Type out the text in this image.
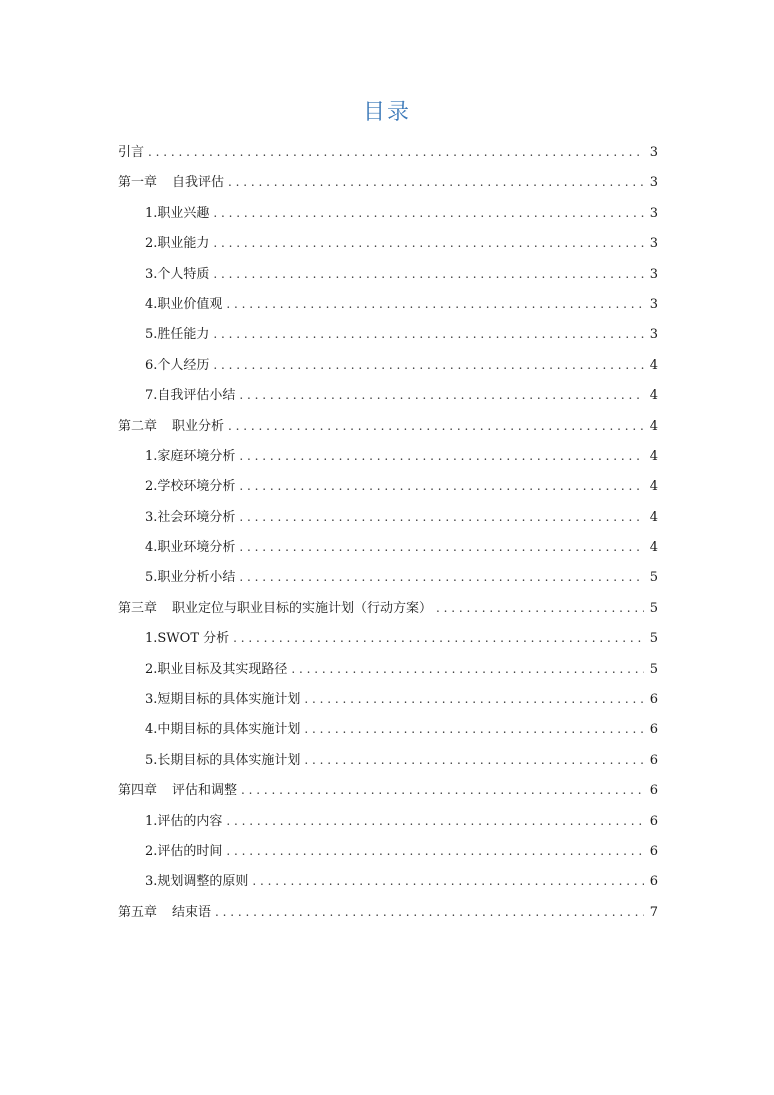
目录
引言 . . .	3
第一章 自我评估 . . .	3
1.职业兴趣 . . .	3
2.职业能力 . . .	3
3.个人特质 . . .	3
4.职业价值观 . . .	3
5.胜任能力 . . .	3
6.个人经历 . . .	4
7.自我评估小结 . . .	4
第二章 职业分析 . . .	4
1.家庭环境分析 . . .	4
2.学校环境分析 . . .	4
3.社会环境分析 . . .	4
4.职业环境分析 . . .	4
5.职业分析小结 . . .	5
第三章 职业定位与职业目标的实施计划（行动方案） . . .	5
1.SWOT 分析 . . .	5
2.职业目标及其实现路径 . . .	5
3.短期目标的具体实施计划 . . .	6
4.中期目标的具体实施计划 . . .	6
5.长期目标的具体实施计划 . . .	6
第四章 评估和调整 . . .	6
1.评估的内容 . . .	6
2.评估的时间 . . .	6
3.规划调整的原则 . . .	6
第五章 结束语 . . .	7
